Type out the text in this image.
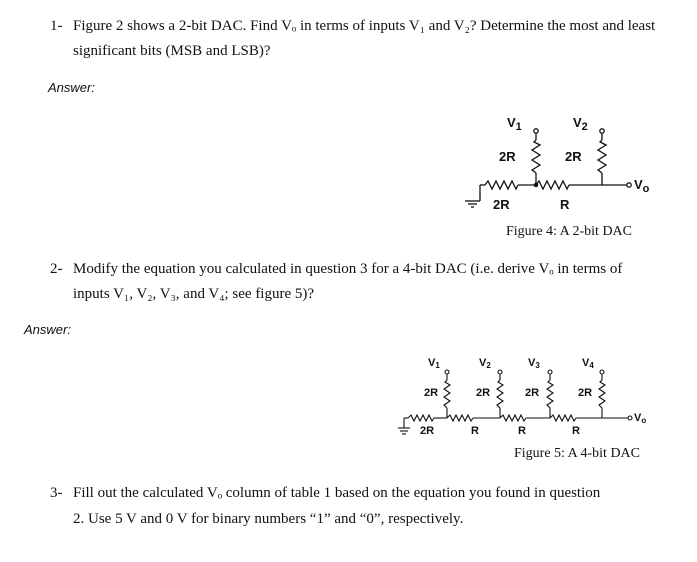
1- Figure 2 shows a 2-bit DAC. Find Vₒ in terms of inputs V₁ and V₂? Determine the most and least
significant bits (MSB and LSB)?
Answer:
$V_1$	$V_2$
2R	2R
2R	R
$V_o$
Figure 4: A 2-bit DAC
2- Modify the equation you calculated in question 3 for a 4-bit DAC (i.e. derive Vₒ in terms of
inputs V₁, V₂, V₃, and V₄; see figure 5)?
Answer:
V1	V2	V3	V4
2R	2R	2R	2R
2R	R	R	R
Vo
Figure 5: A 4-bit DAC
3- Fill out the calculated Vₒ column of table 1 based on the equation you found in question
2. Use 5 V and 0 V for binary numbers “1” and “0”, respectively.
